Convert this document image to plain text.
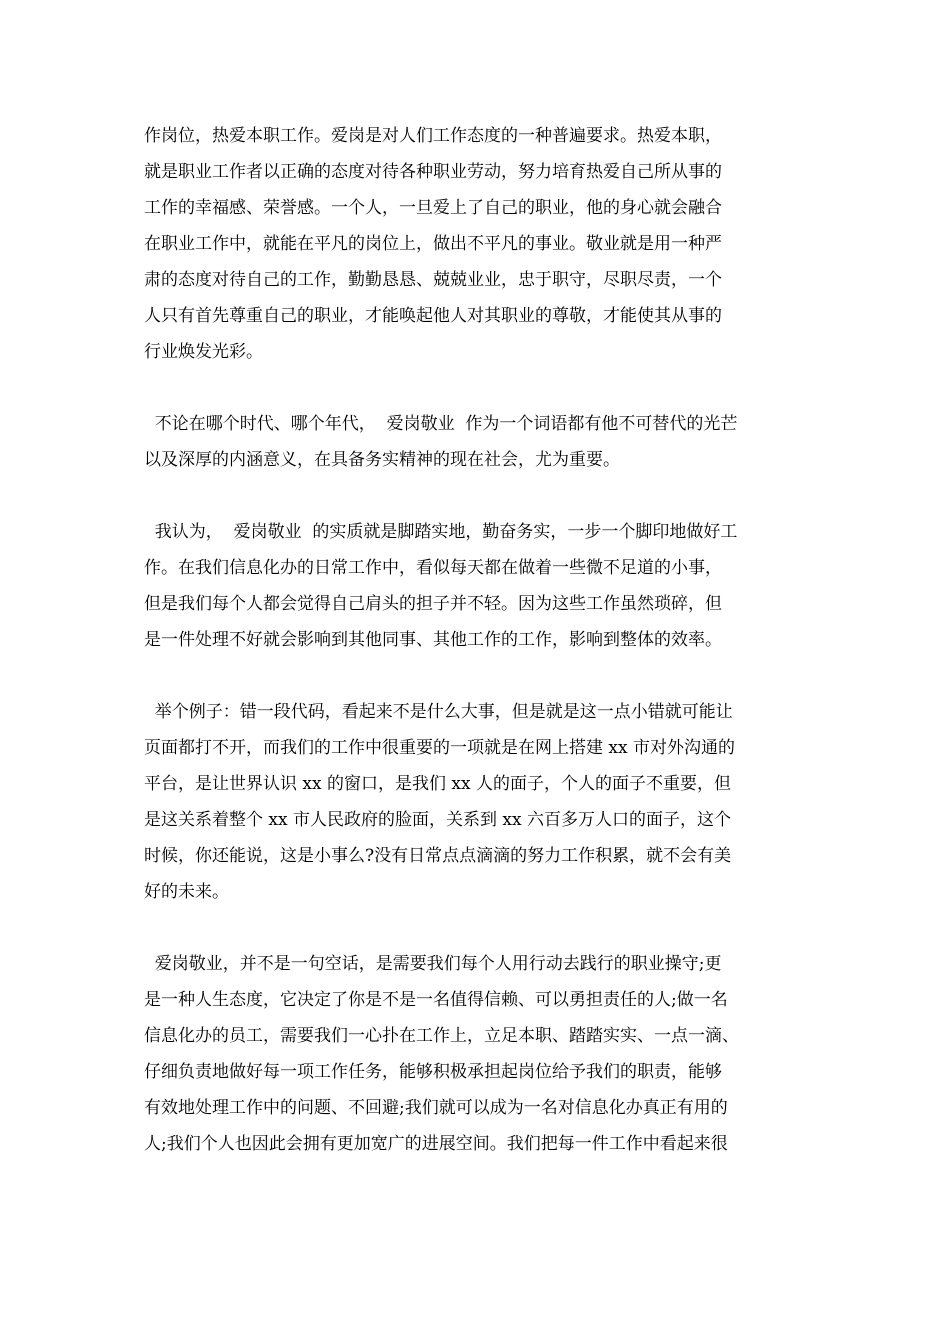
作岗位，热爱本职工作。爱岗是对人们工作态度的一种普遍要求。热爱本职，
就是职业工作者以正确的态度对待各种职业劳动，努力培育热爱自己所从事的
工作的幸福感、荣誉感。一个人，一旦爱上了自己的职业，他的身心就会融合
在职业工作中，就能在平凡的岗位上，做出不平凡的事业。敬业就是用一种严
肃的态度对待自己的工作，勤勤恳恳、兢兢业业，忠于职守，尽职尽责，一个
人只有首先尊重自己的职业，才能唤起他人对其职业的尊敬，才能使其从事的
行业焕发光彩。
不论在哪个时代、哪个年代，  爱岗敬业  作为一个词语都有他不可替代的光芒
以及深厚的内涵意义，在具备务实精神的现在社会，尤为重要。
我认为，  爱岗敬业  的实质就是脚踏实地，勤奋务实，一步一个脚印地做好工
作。在我们信息化办的日常工作中，看似每天都在做着一些微不足道的小事，
但是我们每个人都会觉得自己肩头的担子并不轻。因为这些工作虽然琐碎，但
是一件处理不好就会影响到其他同事、其他工作的工作，影响到整体的效率。
举个例子：错一段代码，看起来不是什么大事，但是就是这一点小错就可能让
页面都打不开，而我们的工作中很重要的一项就是在网上搭建 xx 市对外沟通的
平台，是让世界认识 xx 的窗口，是我们 xx 人的面子，个人的面子不重要，但
是这关系着整个 xx 市人民政府的脸面，关系到 xx 六百多万人口的面子，这个
时候，你还能说，这是小事么?没有日常点点滴滴的努力工作积累，就不会有美
好的未来。
爱岗敬业，并不是一句空话，是需要我们每个人用行动去践行的职业操守;更
是一种人生态度，它决定了你是不是一名值得信赖、可以勇担责任的人;做一名
信息化办的员工，需要我们一心扑在工作上，立足本职、踏踏实实、一点一滴、
仔细负责地做好每一项工作任务，能够积极承担起岗位给予我们的职责，能够
有效地处理工作中的问题、不回避;我们就可以成为一名对信息化办真正有用的
人;我们个人也因此会拥有更加宽广的进展空间。我们把每一件工作中看起来很
